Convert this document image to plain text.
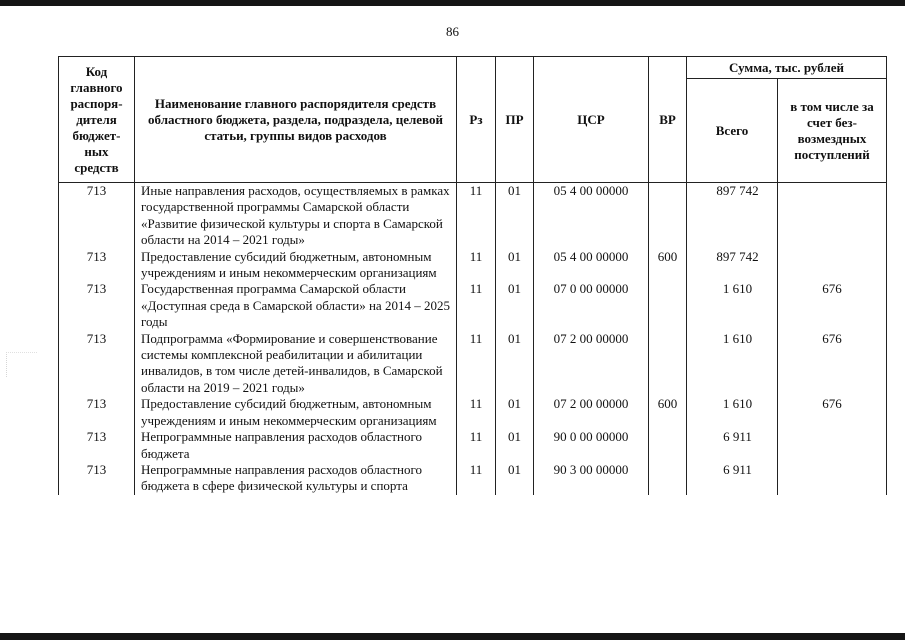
86
Код главного распоря-дителя бюджет-ных средств	Наименование главного распорядителя средств областного бюджета, раздела, подраздела, целевой статьи, группы видов расходов	Рз	ПР	ЦСР	ВР	Сумма, тыс. рублей	
						Всего	в том числе за счет без-возмездных поступлений
713	Иные направления расходов, осуществляемых в рамках государственной программы Самарской области «Развитие физической культуры и спорта в Самарской области на 2014 – 2021 годы»	11	01	05 4 00 00000		897 742	
713	Предоставление субсидий бюджетным, автономным учреждениям и иным некоммерческим организациям	11	01	05 4 00 00000	600	897 742	
713	Государственная программа Самарской области «Доступная среда в Самарской области» на 2014 – 2025 годы	11	01	07 0 00 00000		1 610	676
713	Подпрограмма «Формирование и совершенствование системы комплексной реабилитации и абилитации инвалидов, в том числе детей-инвалидов, в Самарской области на 2019 – 2021 годы»	11	01	07 2 00 00000		1 610	676
713	Предоставление субсидий бюджетным, автономным учреждениям и иным некоммерческим организациям	11	01	07 2 00 00000	600	1 610	676
713	Непрограммные направления расходов областного бюджета	11	01	90 0 00 00000		6 911	
713	Непрограммные направления расходов областного бюджета в сфере физической культуры и спорта	11	01	90 3 00 00000		6 911	
